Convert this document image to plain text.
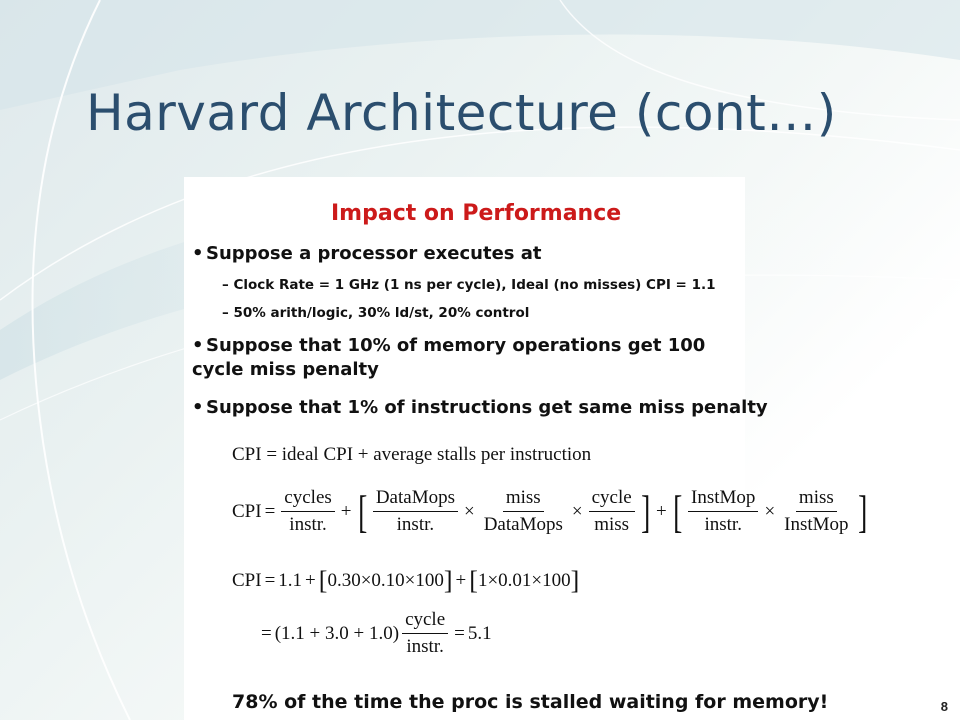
Harvard Architecture (cont…)
Impact on Performance
• Suppose a processor executes at
– Clock Rate = 1 GHz (1 ns per cycle), Ideal (no misses) CPI = 1.1
– 50% arith/logic, 30% ld/st, 20% control
• Suppose that 10% of memory operations get 100 cycle miss penalty
• Suppose that 1% of instructions get same miss penalty
CPI = ideal CPI + average stalls per instruction
CPI = $\frac{\text{cycles}}{\text{instr.}}$ + [ $\frac{\text{DataMops}}{\text{instr.}} \times \frac{\text{miss}}{\text{DataMops}} \times \frac{\text{cycle}}{\text{miss}}$ ] + [ $\frac{\text{InstMop}}{\text{instr.}} \times \frac{\text{miss}}{\text{InstMop}}$ ]
CPI = 1.1 + [ 0.30×0.10×100 ] + [ 1×0.01×100 ]
= $(1.1 + 3.0 + 1.0) \frac{\text{cycle}}{\text{instr.}} = 5.1$
78% of the time the proc is stalled waiting for memory!	8
